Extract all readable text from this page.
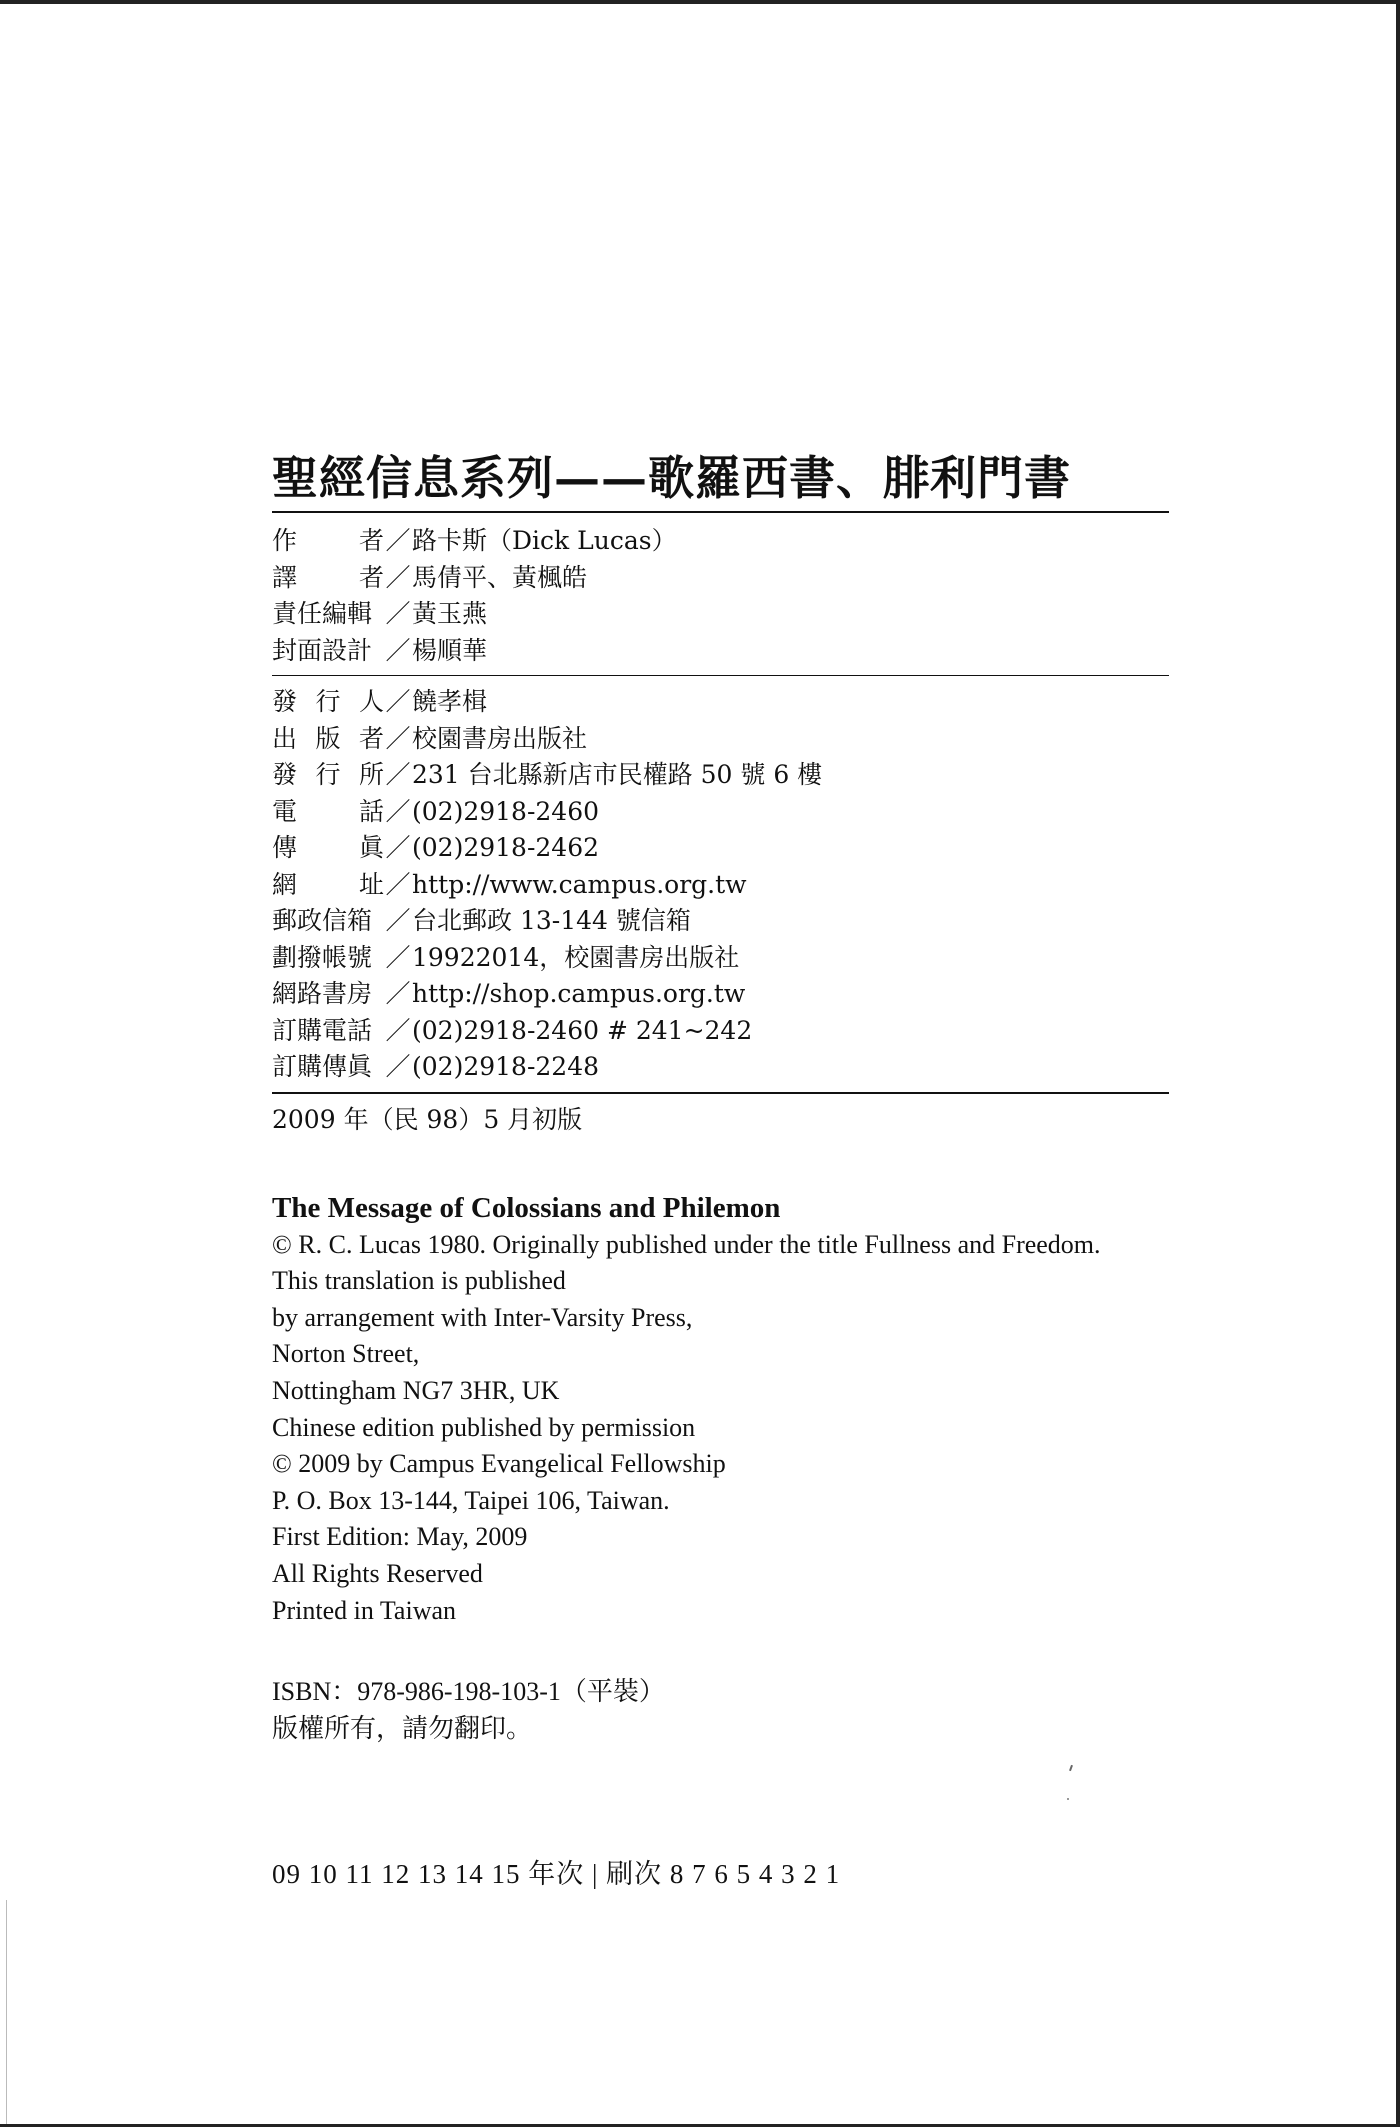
聖經信息系列——歌羅西書、腓利門書
作 者 ／ 路卡斯（Dick Lucas）
譯 者 ／ 馬倩平、黃楓皓
責任編輯 ／ 黃玉燕
封面設計 ／ 楊順華
發 行 人 ／ 饒孝楫
出 版 者 ／ 校園書房出版社
發 行 所 ／ 231 台北縣新店市民權路 50 號 6 樓
電 話 ／ (02)2918-2460
傳 眞 ／ (02)2918-2462
網 址 ／ http://www.campus.org.tw
郵政信箱 ／ 台北郵政 13-144 號信箱
劃撥帳號 ／ 19922014，校園書房出版社
網路書房 ／ http://shop.campus.org.tw
訂購電話 ／ (02)2918-2460 # 241~242
訂購傳眞 ／ (02)2918-2248
2009 年（民 98）5 月初版
The Message of Colossians and Philemon
© R. C. Lucas 1980. Originally published under the title Fullness and Freedom.
This translation is published
by arrangement with Inter-Varsity Press,
Norton Street,
Nottingham NG7 3HR, UK
Chinese edition published by permission
© 2009 by Campus Evangelical Fellowship
P. O. Box 13-144, Taipei 106, Taiwan.
First Edition: May, 2009
All Rights Reserved
Printed in Taiwan
ISBN：978-986-198-103-1（平裝）
版權所有，請勿翻印。
09 10 11 12 13 14 15 年次 | 刷次 8 7 6 5 4 3 2 1
